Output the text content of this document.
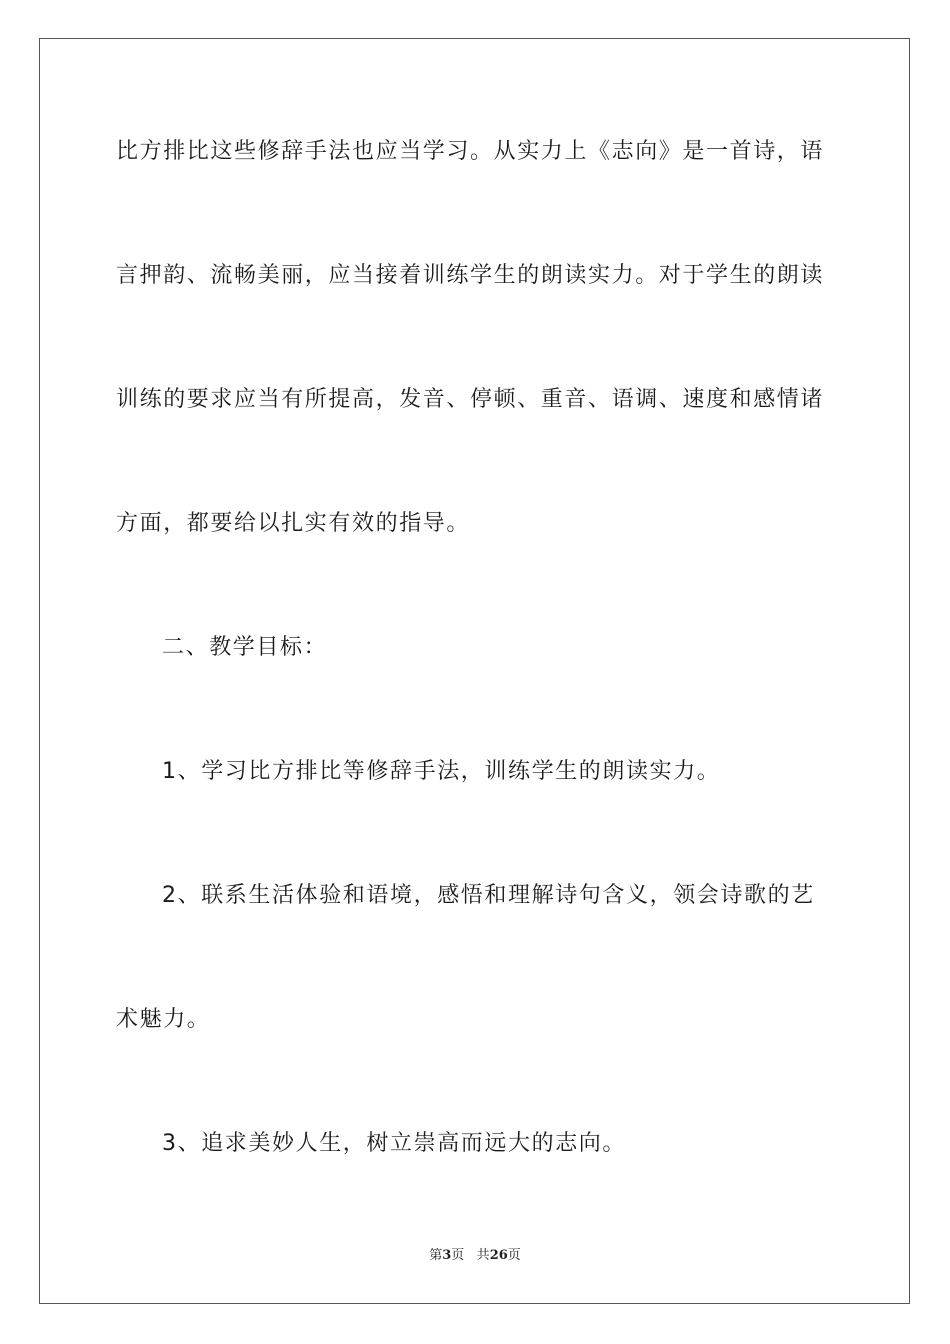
比方排比这些修辞手法也应当学习。从实力上《志向》是一首诗，语
言押韵、流畅美丽，应当接着训练学生的朗读实力。对于学生的朗读
训练的要求应当有所提高，发音、停顿、重音、语调、速度和感情诸
方面，都要给以扎实有效的指导。
二、教学目标：
1、学习比方排比等修辞手法，训练学生的朗读实力。
2、联系生活体验和语境，感悟和理解诗句含义，领会诗歌的艺
术魅力。
3、追求美妙人生，树立崇高而远大的志向。
第3页 共26页
